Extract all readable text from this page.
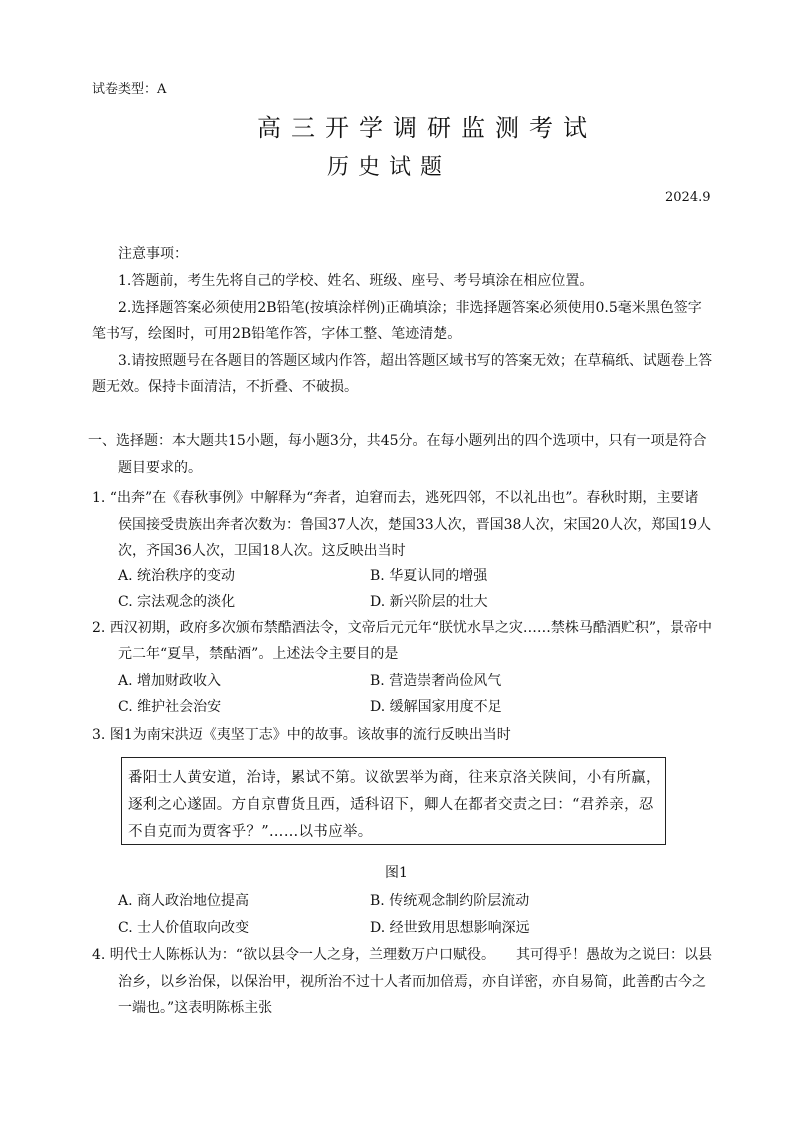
试卷类型：A
高三开学调研监测考试
历史试题
2024.9
注意事项：
1.答题前，考生先将自己的学校、姓名、班级、座号、考号填涂在相应位置。
2.选择题答案必须使用2B铅笔(按填涂样例)正确填涂；非选择题答案必须使用0.5毫米黑色签字
笔书写，绘图时，可用2B铅笔作答，字体工整、笔迹清楚。
3.请按照题号在各题目的答题区域内作答，超出答题区域书写的答案无效；在草稿纸、试题卷上答
题无效。保持卡面清洁，不折叠、不破损。
一、选择题：本大题共15小题，每小题3分，共45分。在每小题列出的四个选项中，只有一项是符合
题目要求的。
1. “出奔”在《春秋事例》中解释为“奔者，迫窘而去，逃死四邻，不以礼出也”。春秋时期，主要诸
侯国接受贵族出奔者次数为：鲁国37人次，楚国33人次，晋国38人次，宋国20人次，郑国19人
次，齐国36人次，卫国18人次。这反映出当时
A. 统治秩序的变动	B. 华夏认同的增强
C. 宗法观念的淡化	D. 新兴阶层的壮大
2. 西汉初期，政府多次颁布禁酷酒法令，文帝后元元年“朕忧水旱之灾……禁株马酷酒贮积”，景帝中
元二年“夏旱，禁酤酒”。上述法令主要目的是
A. 增加财政收入	B. 营造崇奢尚俭风气
C. 维护社会治安	D. 缓解国家用度不足
3. 图1为南宋洪迈《夷坚丁志》中的故事。该故事的流行反映出当时
番阳士人黄安道，治诗，累试不第。议欲罢举为商，往来京洛关陕间，小有所赢，
逐利之心遂固。方自京曹货且西，适科诏下，卿人在都者交责之曰：“君养亲，忍
不自克而为贾客乎？”……以书应举。
图1
A. 商人政治地位提高	B. 传统观念制约阶层流动
C. 士人价值取向改变	D. 经世致用思想影响深远
4. 明代士人陈栎认为：“欲以县令一人之身，兰理数万户口赋役。　　其可得乎！愚故为之说曰：以县
治乡，以乡治保，以保治甲，视所治不过十人者而加倍焉，亦自详密，亦自易简，此善酌古今之
一端也。”这表明陈栎主张
